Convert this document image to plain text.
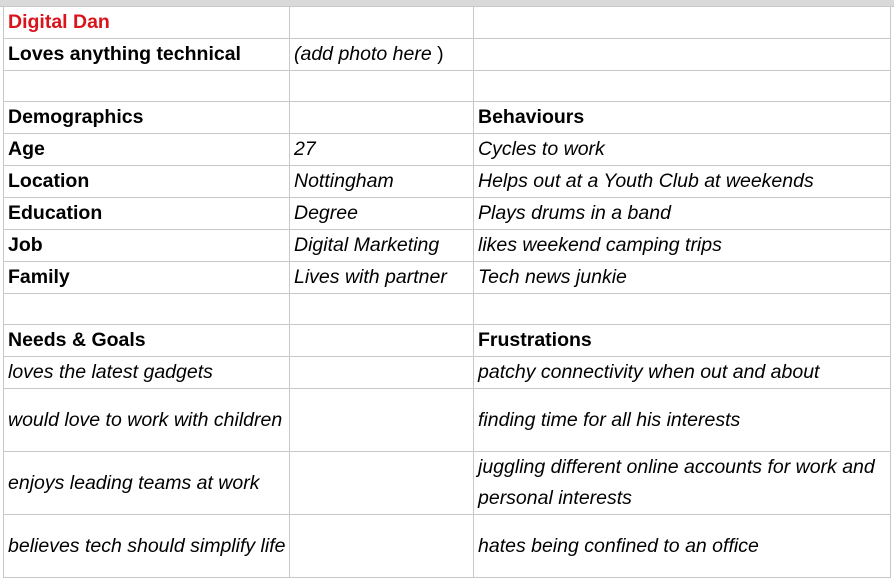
Digital Dan		
Loves anything technical	(add photo here )	

Demographics		Behaviours
Age	27	Cycles to work
Location	Nottingham	Helps out at a Youth Club at weekends
Education	Degree	Plays drums in a band
Job	Digital Marketing	likes weekend camping trips
Family	Lives with partner	Tech news junkie

Needs & Goals		Frustrations
loves the latest gadgets		patchy connectivity when out and about
would love to work with children		finding time for all his interests
enjoys leading teams at work		juggling different online accounts for work and personal interests
believes tech should simplify life		hates being confined to an office
